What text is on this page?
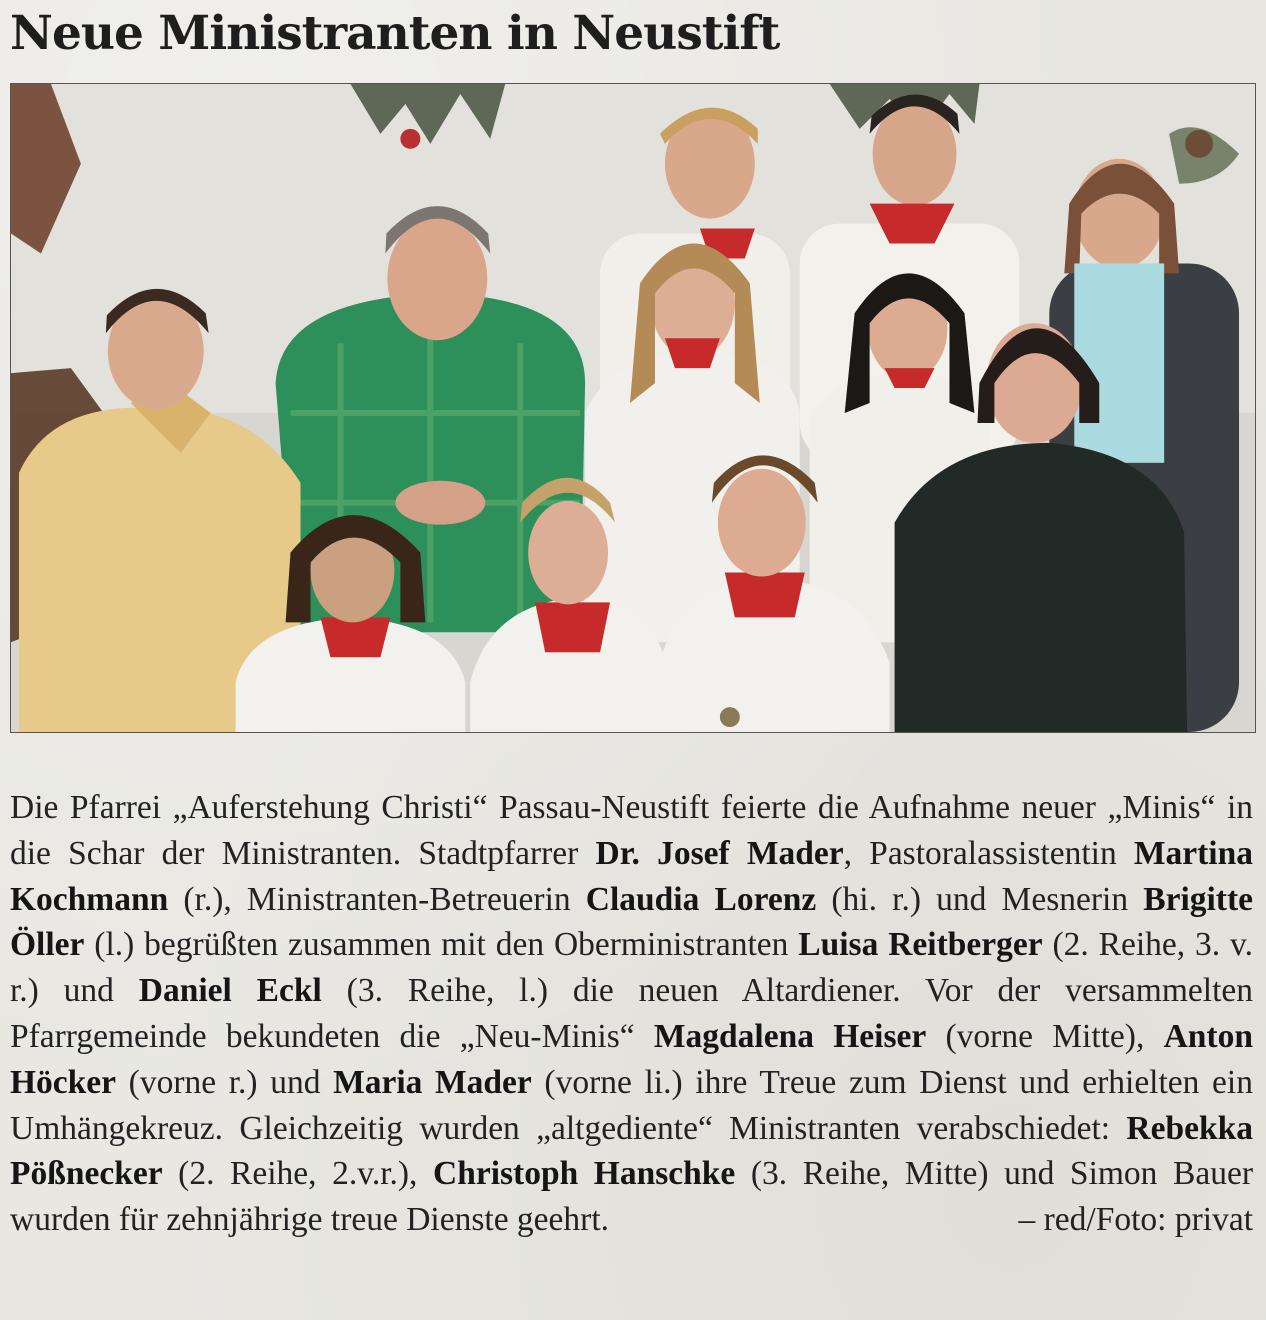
Neue Ministranten in Neustift

Die Pfarrei „Auferstehung Christi“ Passau-Neustift feierte die Aufnahme neuer „Minis“ in die Schar der Ministranten. Stadtpfarrer Dr. Josef Mader, Pastoralassistentin Martina Kochmann (r.), Ministranten-Betreuerin Claudia Lorenz (hi. r.) und Mesnerin Brigitte Öller (l.) begrüßten zusammen mit den Oberministranten Luisa Reitberger (2. Reihe, 3. v. r.) und Daniel Eckl (3. Reihe, l.) die neuen Altardiener. Vor der versammelten Pfarrgemeinde bekundeten die „Neu-Minis“ Magdalena Heiser (vorne Mitte), Anton Höcker (vorne r.) und Maria Mader (vorne li.) ihre Treue zum Dienst und erhielten ein Umhängekreuz. Gleichzeitig wurden „altgediente“ Ministranten verabschiedet: Rebekka Pößnecker (2. Reihe, 2.v.r.), Christoph Hanschke (3. Reihe, Mitte) und Simon Bauer wurden für zehnjährige treue Dienste geehrt.	– red/Foto: privat
